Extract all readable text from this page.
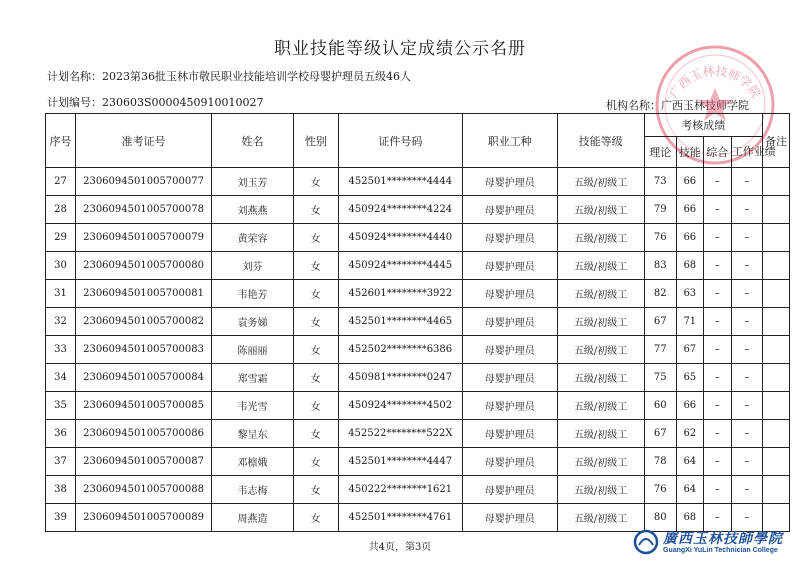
职业技能等级认定成绩公示名册
计划名称：2023第36批玉林市敬民职业技能培训学校母婴护理员五级46人
计划编号：230603S0000450910010027	机构名称：广西玉林技师学院
广西玉林技师学院
序号	准考证号	姓名	性别	证件号码	职业工种	技能等级	考核成绩				备注
							理论	技能	综合	工作业绩	
27	2306094501005700077	刘玉芳	女	452501********4444	母婴护理员	五级/初级工	73	66	–	–	
28	2306094501005700078	刘燕燕	女	450924********4224	母婴护理员	五级/初级工	79	66	–	–	
29	2306094501005700079	黄荣容	女	450924********4440	母婴护理员	五级/初级工	76	66	–	–	
30	2306094501005700080	刘芬	女	450924********4445	母婴护理员	五级/初级工	83	68	–	–	
31	2306094501005700081	韦艳芳	女	452601********3922	母婴护理员	五级/初级工	82	63	–	–	
32	2306094501005700082	袁务娣	女	452501********4465	母婴护理员	五级/初级工	67	71	–	–	
33	2306094501005700083	陈丽丽	女	452502********6386	母婴护理员	五级/初级工	77	67	–	–	
34	2306094501005700084	郑雪霜	女	450981********0247	母婴护理员	五级/初级工	75	65	–	–	
35	2306094501005700085	韦光雪	女	450924********4502	母婴护理员	五级/初级工	60	66	–	–	
36	2306094501005700086	黎呈东	女	452522********522X	母婴护理员	五级/初级工	67	62	–	–	
37	2306094501005700087	邓檩娥	女	452501********4447	母婴护理员	五级/初级工	78	64	–	–	
38	2306094501005700088	韦志梅	女	450222********1621	母婴护理员	五级/初级工	76	64	–	–	
39	2306094501005700089	周燕造	女	452501********4761	母婴护理员	五级/初级工	80	68	–	–	
共4页，第3页
廣西玉林技師學院
GuangXi YuLin Technician College
